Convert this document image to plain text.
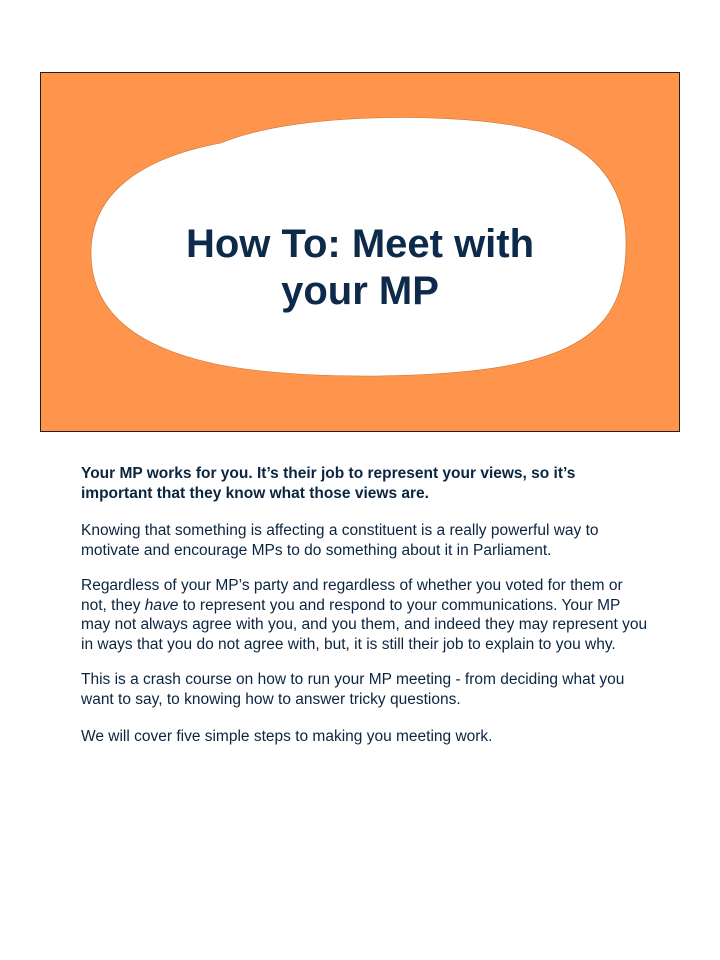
How To: Meet with
your MP

Your MP works for you. It’s their job to represent your views, so it’s important that they know what those views are.

Knowing that something is affecting a constituent is a really powerful way to motivate and encourage MPs to do something about it in Parliament.

Regardless of your MP’s party and regardless of whether you voted for them or not, they have to represent you and respond to your communications. Your MP may not always agree with you, and you them, and indeed they may represent you in ways that you do not agree with, but, it is still their job to explain to you why.

This is a crash course on how to run your MP meeting - from deciding what you want to say, to knowing how to answer tricky questions.

We will cover five simple steps to making you meeting work.
